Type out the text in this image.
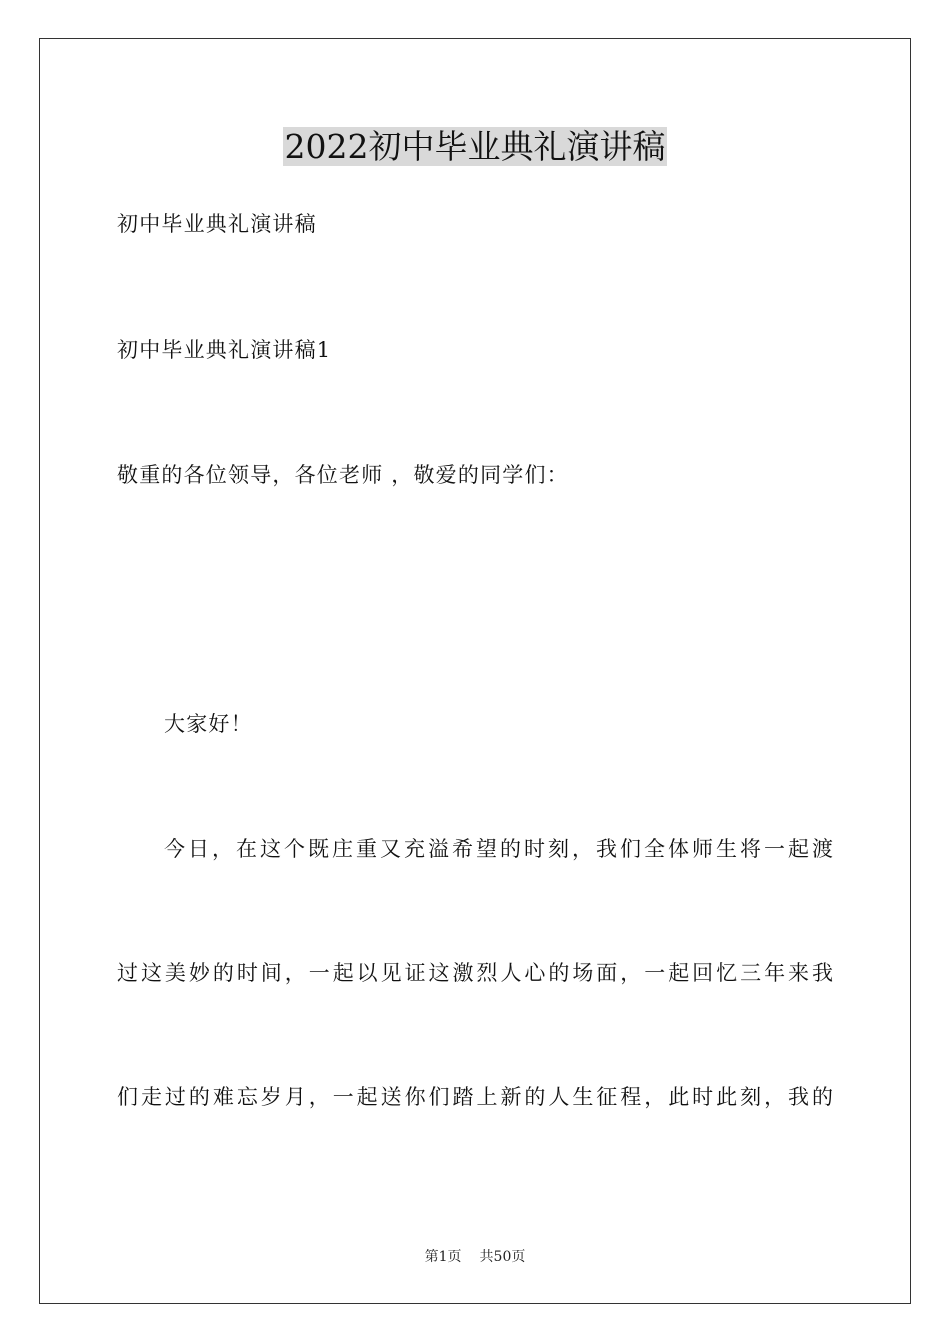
2022初中毕业典礼演讲稿
初中毕业典礼演讲稿
初中毕业典礼演讲稿1
敬重的各位领导，各位老师 ，敬爱的同学们：
大家好！
今日，在这个既庄重又充溢希望的时刻，我们全体师生将一起渡
过这美妙的时间，一起以见证这激烈人心的场面，一起回忆三年来我
们走过的难忘岁月，一起送你们踏上新的人生征程，此时此刻，我的
第1页 共50页
